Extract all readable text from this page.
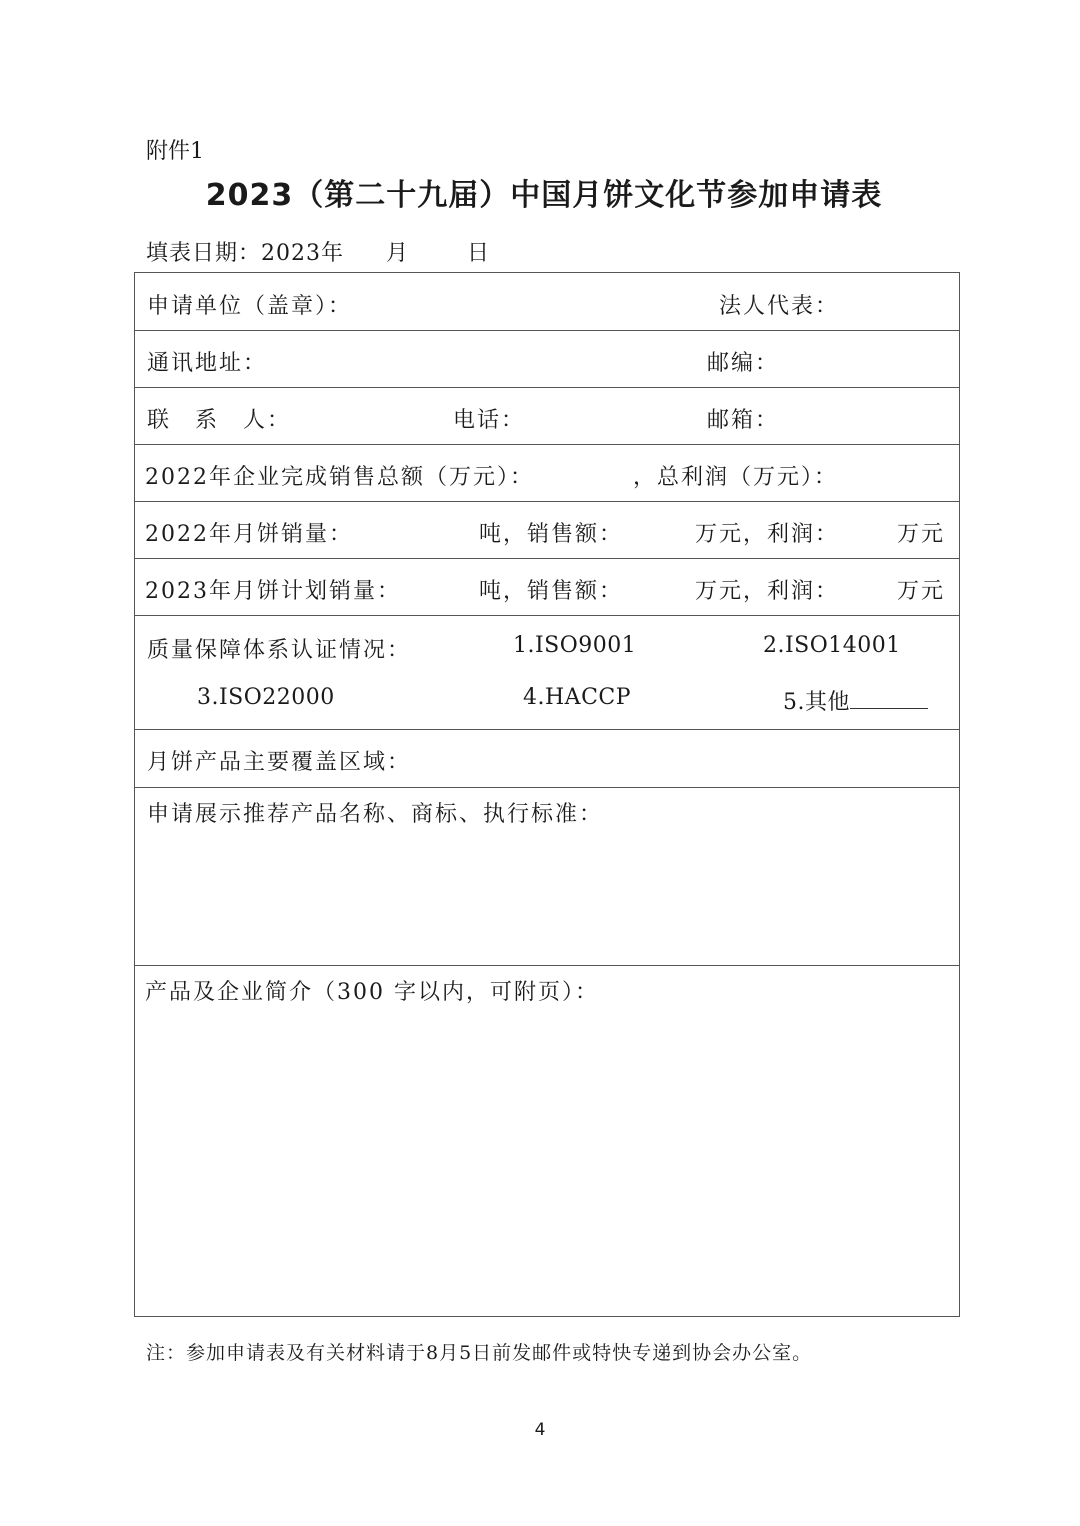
附件1
2023（第二十九届）中国月饼文化节参加申请表
填表日期：2023年 月	日
申请单位（盖章）：	法人代表：
通讯地址：	邮编：
联　系　人：	电话：	邮箱：
2022年企业完成销售总额（万元）：	，总利润（万元）：
2022年月饼销量：	吨，销售额：	万元，利润：	万元
2023年月饼计划销量：	吨，销售额：	万元，利润：	万元
质量保障体系认证情况：	1.ISO9001	2.ISO14001
3.ISO22000	4.HACCP	5.其他
月饼产品主要覆盖区域：
申请展示推荐产品名称、商标、执行标准：
产品及企业简介（300 字以内，可附页）：
注：参加申请表及有关材料请于8月5日前发邮件或特快专递到协会办公室。
4
